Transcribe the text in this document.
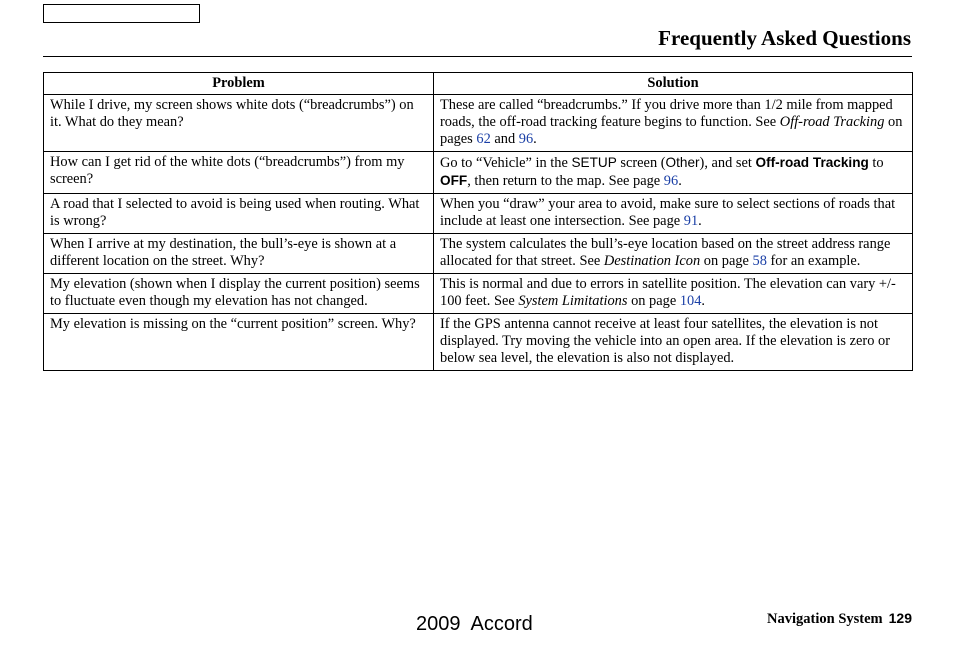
Frequently Asked Questions
Problem	Solution
While I drive, my screen shows white dots (“breadcrumbs”) on it. What do they mean?	These are called “breadcrumbs.” If you drive more than 1/2 mile from mapped roads, the off-road tracking feature begins to function. See Off-road Tracking on pages 62 and 96.
How can I get rid of the white dots (“breadcrumbs”) from my screen?	Go to “Vehicle” in the SETUP screen (Other), and set Off-road Tracking to OFF, then return to the map. See page 96.
A road that I selected to avoid is being used when routing. What is wrong?	When you “draw” your area to avoid, make sure to select sections of roads that include at least one intersection. See page 91.
When I arrive at my destination, the bull’s-eye is shown at a different location on the street. Why?	The system calculates the bull’s-eye location based on the street address range allocated for that street. See Destination Icon on page 58 for an example.
My elevation (shown when I display the current position) seems to fluctuate even though my elevation has not changed.	This is normal and due to errors in satellite position. The elevation can vary +/- 100 feet. See System Limitations on page 104.
My elevation is missing on the “current position” screen. Why?	If the GPS antenna cannot receive at least four satellites, the elevation is not displayed. Try moving the vehicle into an open area. If the elevation is zero or below sea level, the elevation is also not displayed.
Navigation System 129
2009  Accord
